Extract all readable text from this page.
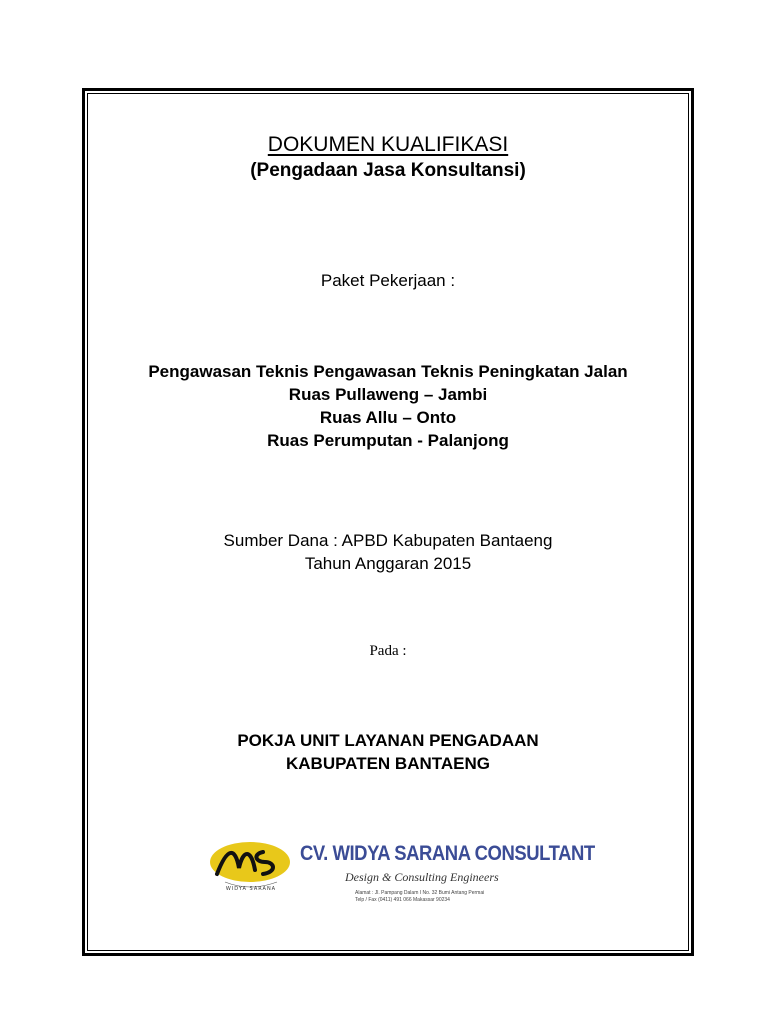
DOKUMEN KUALIFIKASI
(Pengadaan Jasa Konsultansi)
Paket Pekerjaan :
Pengawasan Teknis Pengawasan Teknis Peningkatan Jalan
Ruas Pullaweng – Jambi
Ruas Allu – Onto
Ruas Perumputan - Palanjong
Sumber Dana : APBD Kabupaten Bantaeng
Tahun Anggaran 2015
Pada :
POKJA UNIT LAYANAN PENGADAAN
KABUPATEN BANTAENG
WIDYA SARANA
CV. WIDYA SARANA CONSULTANT
Design & Consulting Engineers
Alamat : Jl. Pampang Dalam I No. 32 Bumi Antang Permai
Telp / Fax (0411) 491 066 Makassar 90234
